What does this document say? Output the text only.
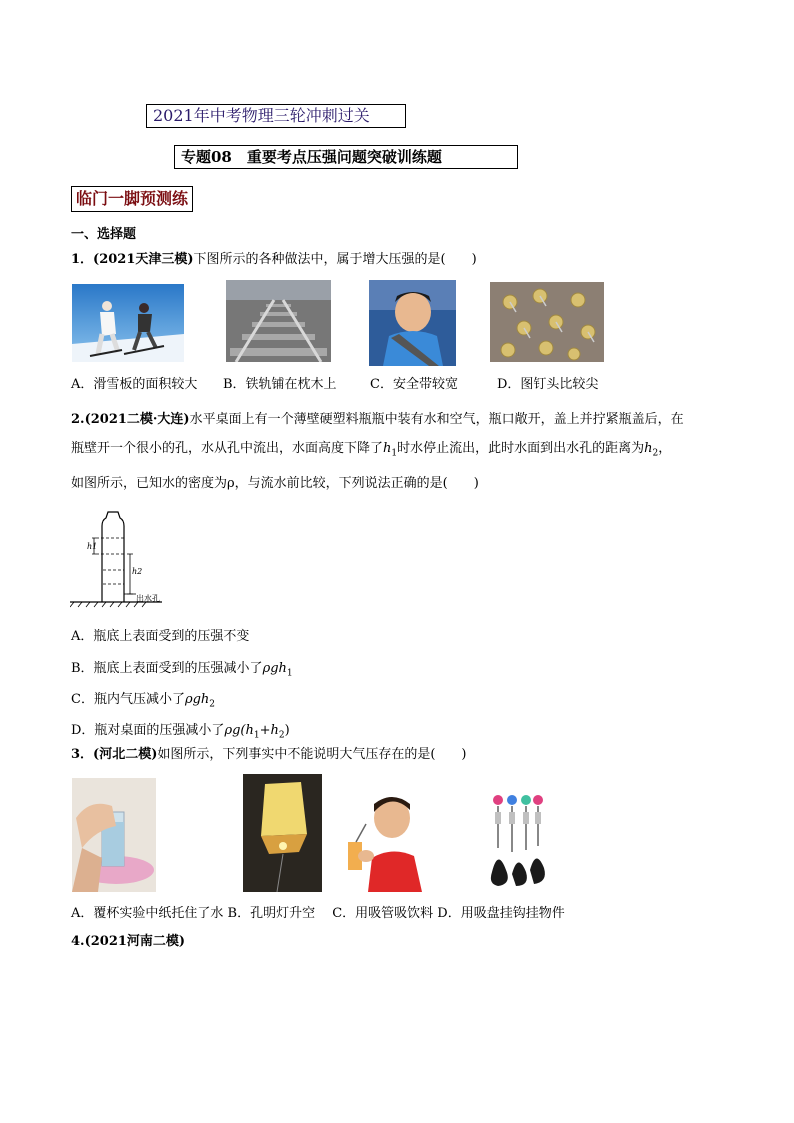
2021年中考物理三轮冲刺过关
专题08　重要考点压强问题突破训练题
临门一脚预测练
一、选择题
1．(2021天津三模)下图所示的各种做法中，属于增大压强的是(　　)
A．滑雪板的面积较大 B．铁轨铺在枕木上	C．安全带较宽	D．图钉头比较尖
2.(2021二模·大连)水平桌面上有一个薄壁硬塑料瓶瓶中装有水和空气，瓶口敞开，盖上并拧紧瓶盖后，在
瓶壁开一个很小的孔，水从孔中流出，水面高度下降了$h_1$时水停止流出，此时水面到出水孔的距离为$h_2$，
如图所示，已知水的密度为ρ，与流水前比较，下列说法正确的是(　　)
h1
h2
出水孔
A．瓶底上表面受到的压强不变
B．瓶底上表面受到的压强减小了ρgh$_1$
C．瓶内气压减小了ρgh$_2$
D．瓶对桌面的压强减小了$\rho g(h_1+h_2)$
3．(河北二模)如图所示，下列事实中不能说明大气压存在的是(　　)
A．覆杯实验中纸托住了水 B．孔明灯升空　 C．用吸管吸饮料 D．用吸盘挂钩挂物件
4.(2021河南二模)
